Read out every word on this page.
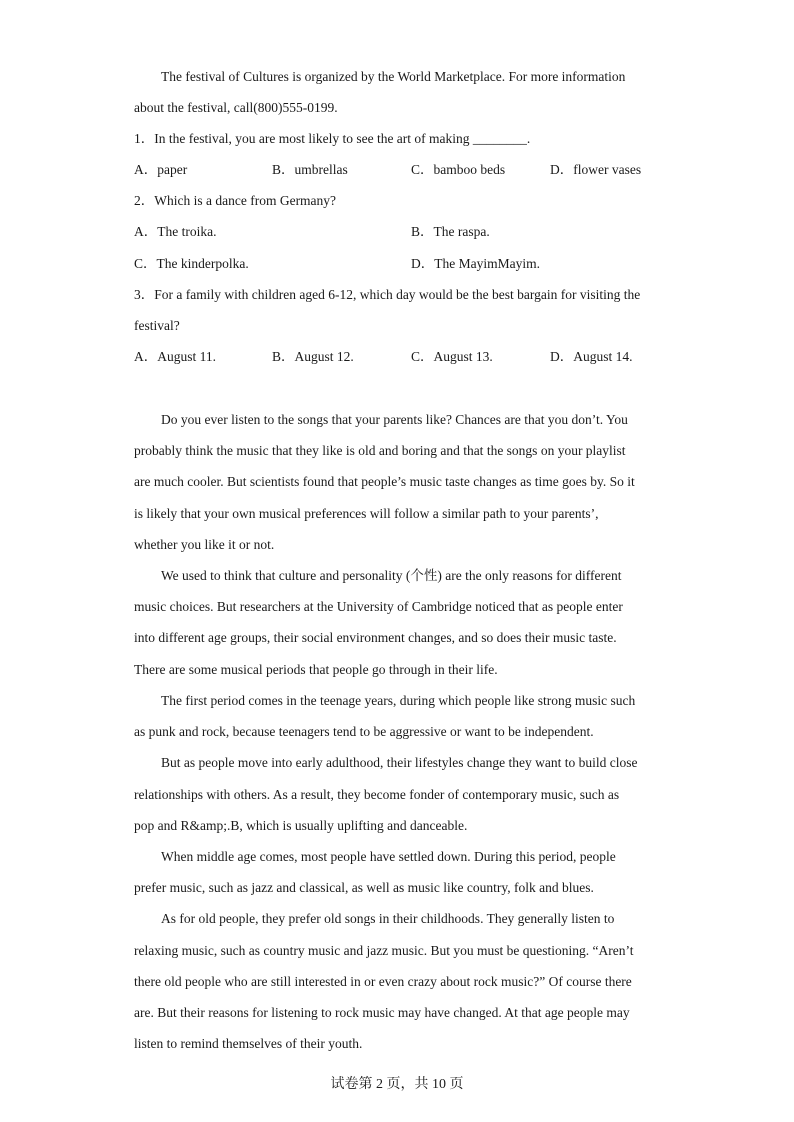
The festival of Cultures is organized by the World Marketplace. For more information
about the festival, call(800)555-0199.
1．In the festival, you are most likely to see the art of making ________.
A．paper	B．umbrellas	C．bamboo beds	D．flower vases
2．Which is a dance from Germany?
A．The troika.	B．The raspa.
C．The kinderpolka.	D．The MayimMayim.
3．For a family with children aged 6-12, which day would be the best bargain for visiting the
festival?
A．August 11.	B．August 12.	C．August 13.	D．August 14.
Do you ever listen to the songs that your parents like? Chances are that you don’t. You
probably think the music that they like is old and boring and that the songs on your playlist
are much cooler. But scientists found that people’s music taste changes as time goes by. So it
is likely that your own musical preferences will follow a similar path to your parents’,
whether you like it or not.
We used to think that culture and personality (个性) are the only reasons for different
music choices. But researchers at the University of Cambridge noticed that as people enter
into different age groups, their social environment changes, and so does their music taste.
There are some musical periods that people go through in their life.
The first period comes in the teenage years, during which people like strong music such
as punk and rock, because teenagers tend to be aggressive or want to be independent.
But as people move into early adulthood, their lifestyles change they want to build close
relationships with others. As a result, they become fonder of contemporary music, such as
pop and R&amp;.B, which is usually uplifting and danceable.
When middle age comes, most people have settled down. During this period, people
prefer music, such as jazz and classical, as well as music like country, folk and blues.
As for old people, they prefer old songs in their childhoods. They generally listen to
relaxing music, such as country music and jazz music. But you must be questioning. “Aren’t
there old people who are still interested in or even crazy about rock music?” Of course there
are. But their reasons for listening to rock music may have changed. At that age people may
listen to remind themselves of their youth.
试卷第 2 页，共 10 页
